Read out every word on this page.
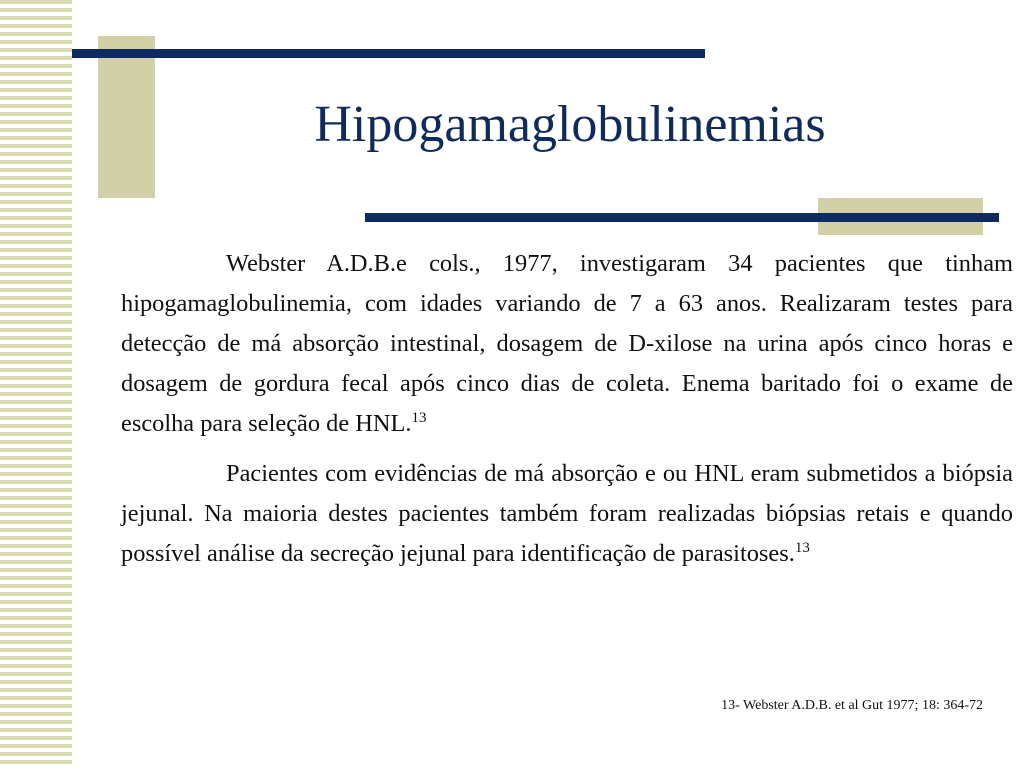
Hipogamaglobulinemias

Webster A.D.B.e cols., 1977, investigaram 34 pacientes que tinham hipogamaglobulinemia, com idades variando de 7 a 63 anos. Realizaram testes para detecção de má absorção intestinal, dosagem de D-xilose na urina após cinco horas e dosagem de gordura fecal após cinco dias de coleta. Enema baritado foi o exame de escolha para seleção de HNL.$^{13}$

Pacientes com evidências de má absorção e ou HNL eram submetidos a biópsia jejunal. Na maioria destes pacientes também foram realizadas biópsias retais e quando possível análise da secreção jejunal para identificação de parasitoses.$^{13}$

13- Webster A.D.B. et al Gut 1977; 18: 364-72
